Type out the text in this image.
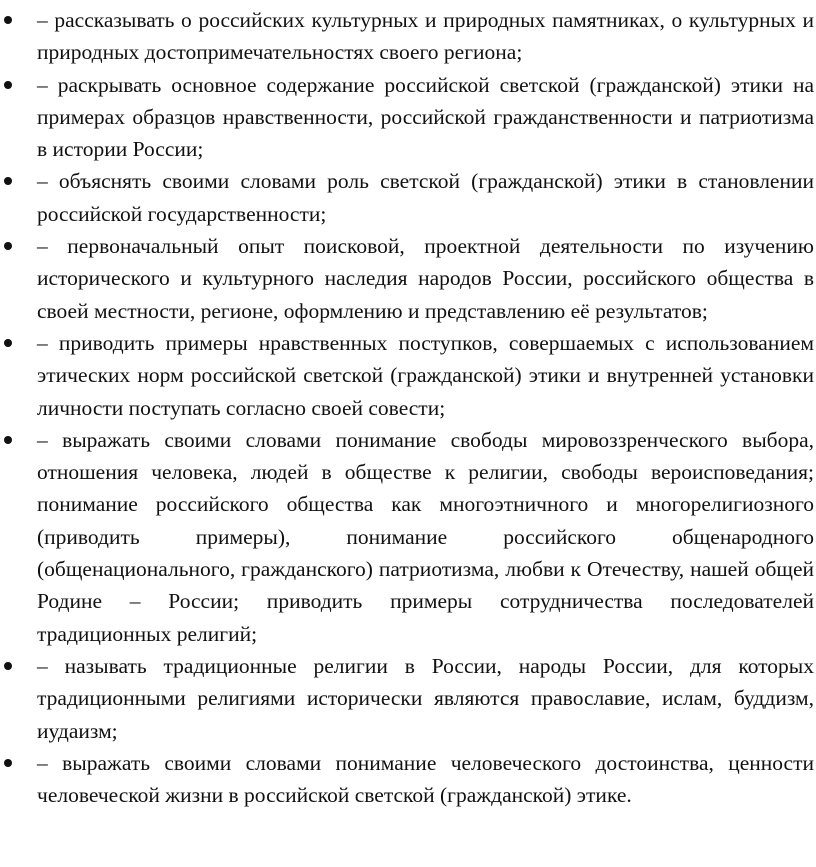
– рассказывать о российских культурных и природных памятниках, о культурных и природных достопримечательностях своего региона;
– раскрывать основное содержание российской светской (гражданской) этики на примерах образцов нравственности, российской гражданственности и патриотизма в истории России;
– объяснять своими словами роль светской (гражданской) этики в становлении российской государственности;
– первоначальный опыт поисковой, проектной деятельности по изучению исторического и культурного наследия народов России, российского общества в своей местности, регионе, оформлению и представлению её результатов;
– приводить примеры нравственных поступков, совершаемых с использованием этических норм российской светской (гражданской) этики и внутренней установки личности поступать согласно своей совести;
– выражать своими словами понимание свободы мировоззренческого выбора, отношения человека, людей в обществе к религии, свободы вероисповедания; понимание российского общества как многоэтничного и многорелигиозного (приводить примеры), понимание российского общенародного (общенационального, гражданского) патриотизма, любви к Отечеству, нашей общей Родине – России; приводить примеры сотрудничества последователей традиционных религий;
– называть традиционные религии в России, народы России, для которых традиционными религиями исторически являются православие, ислам, буддизм, иудаизм;
– выражать своими словами понимание человеческого достоинства, ценности человеческой жизни в российской светской (гражданской) этике.
